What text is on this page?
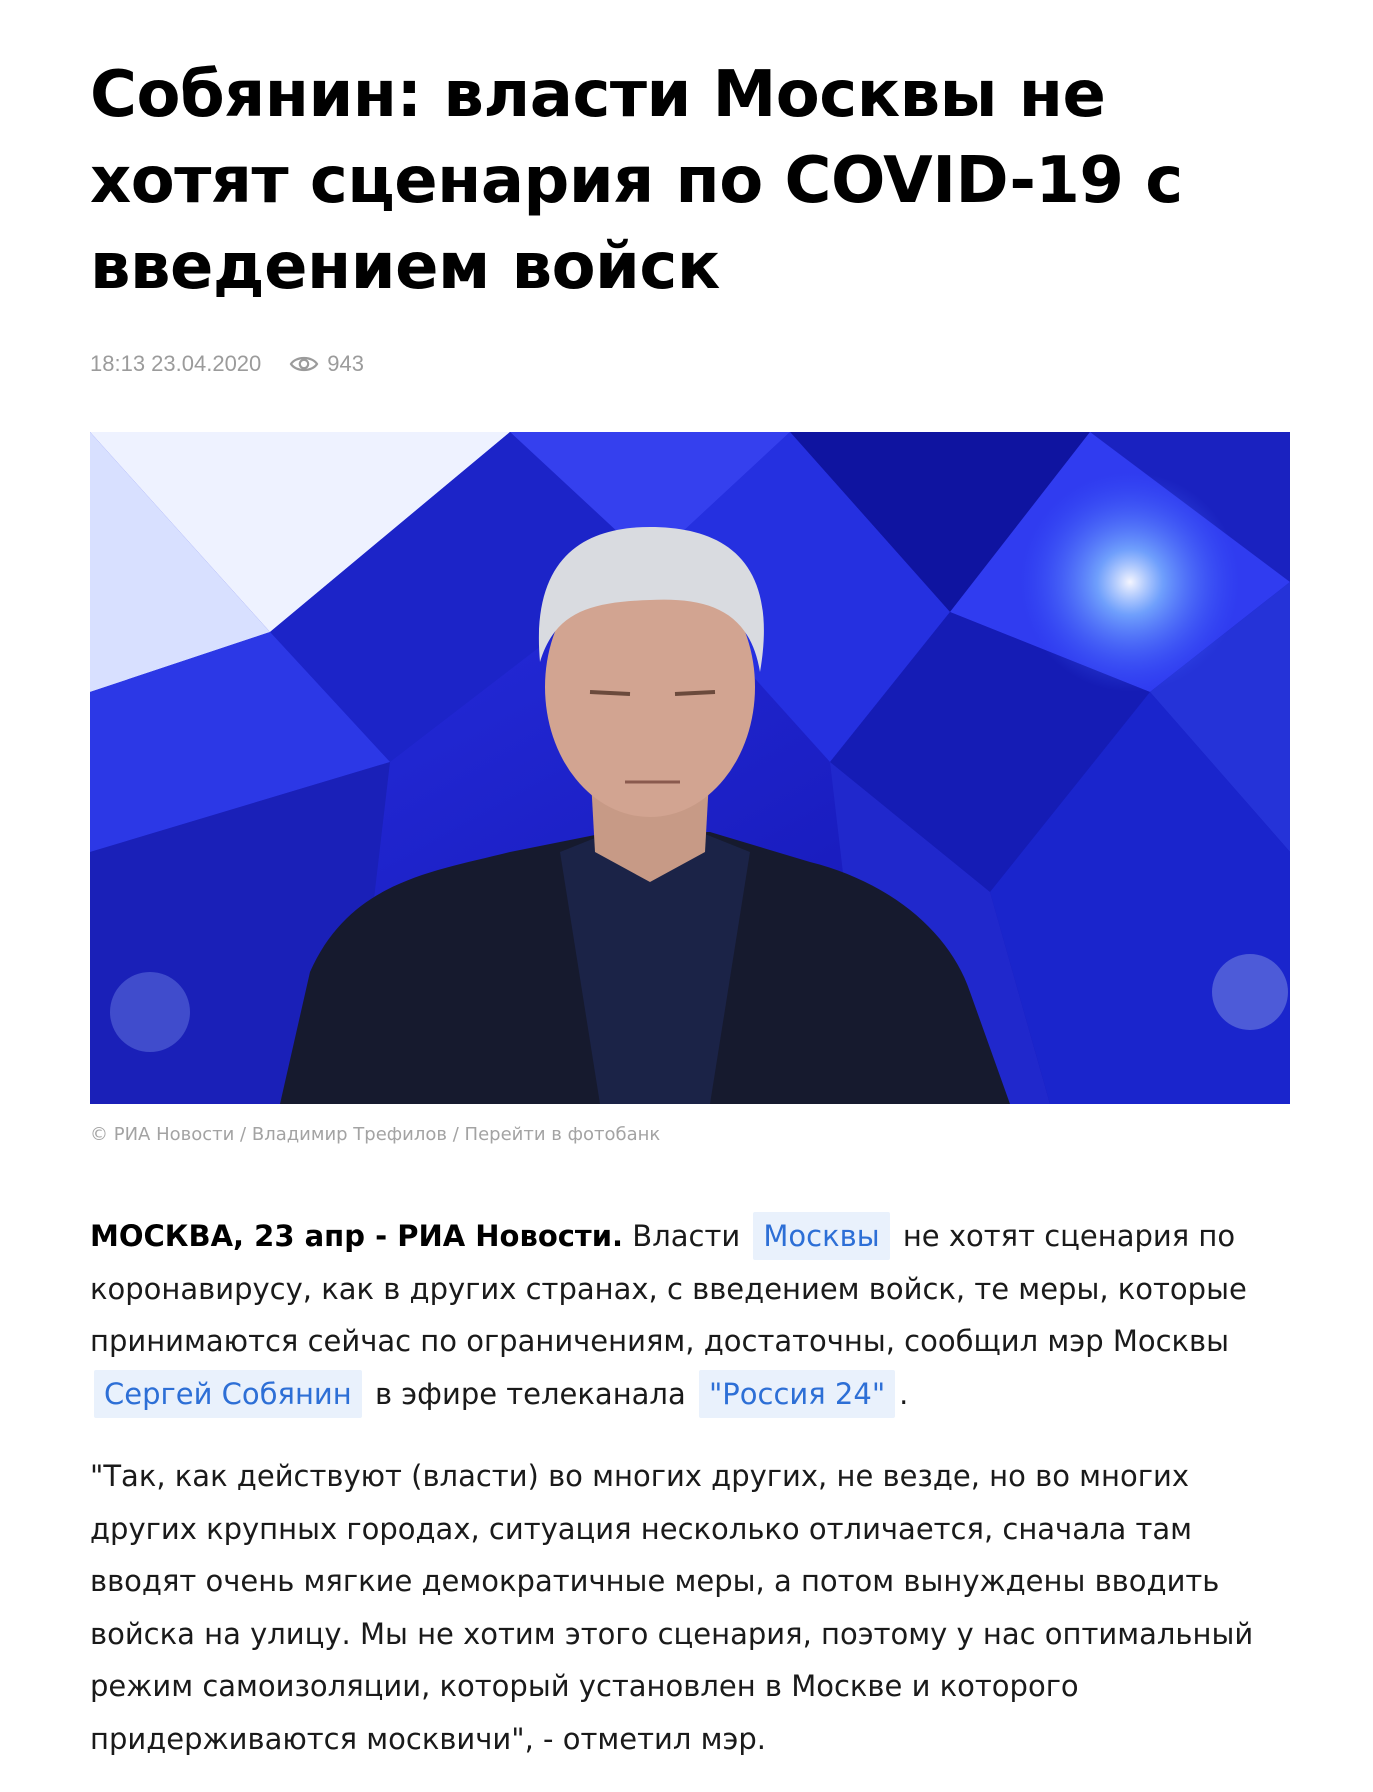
Собянин: власти Москвы не хотят сценария по COVID-19 с введением войск
18:13 23.04.2020	943
© РИА Новости / Владимир Трефилов / Перейти в фотобанк

МОСКВА, 23 апр - РИА Новости. Власти Москвы не хотят сценария по коронавирусу, как в других странах, с введением войск, те меры, которые принимаются сейчас по ограничениям, достаточны, сообщил мэр Москвы Сергей Собянин в эфире телеканала "Россия 24" .

"Так, как действуют (власти) во многих других, не везде, но во многих других крупных городах, ситуация несколько отличается, сначала там вводят очень мягкие демократичные меры, а потом вынуждены вводить войска на улицу. Мы не хотим этого сценария, поэтому у нас оптимальный режим самоизоляции, который установлен в Москве и которого придерживаются москвичи", - отметил мэр.
